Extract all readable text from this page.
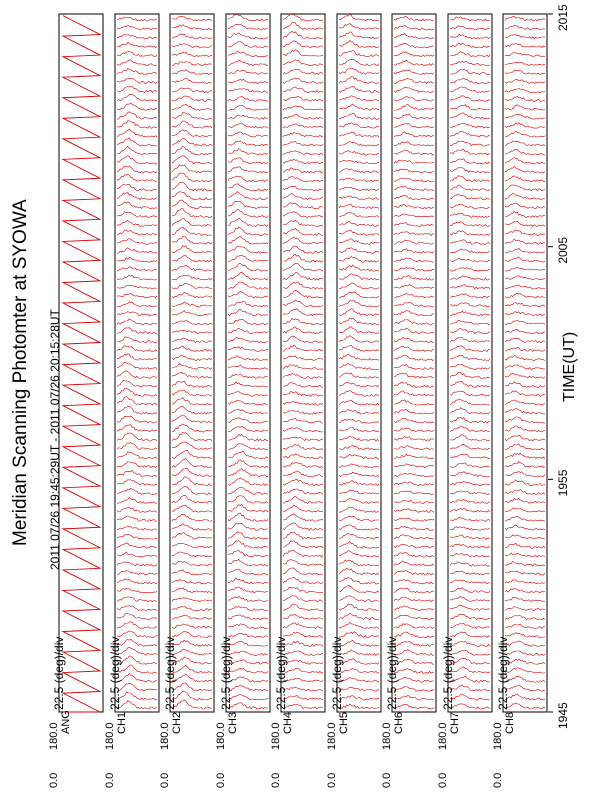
Meridian Scanning Photomter at SYOWA 2011 07/26 19:45:29UT - 2011 07/26 20:15:28UT	TIME(UT)
180.0
0.0
ANG
22.5 (deg)/div
180.0
0.0
CH1
22.5 (deg)/div
180.0
0.0
CH2
22.5 (deg)/div
180.0
0.0
CH3
22.5 (deg)/div
180.0
0.0
CH4
22.5 (deg)/div
180.0
0.0
CH5
22.5 (deg)/div
180.0
0.0
CH6
22.5 (deg)/div
180.0
0.0
CH7
22.5 (deg)/div
180.0
0.0
CH8
22.5 (deg)/div
1945
1955
2005
2015
